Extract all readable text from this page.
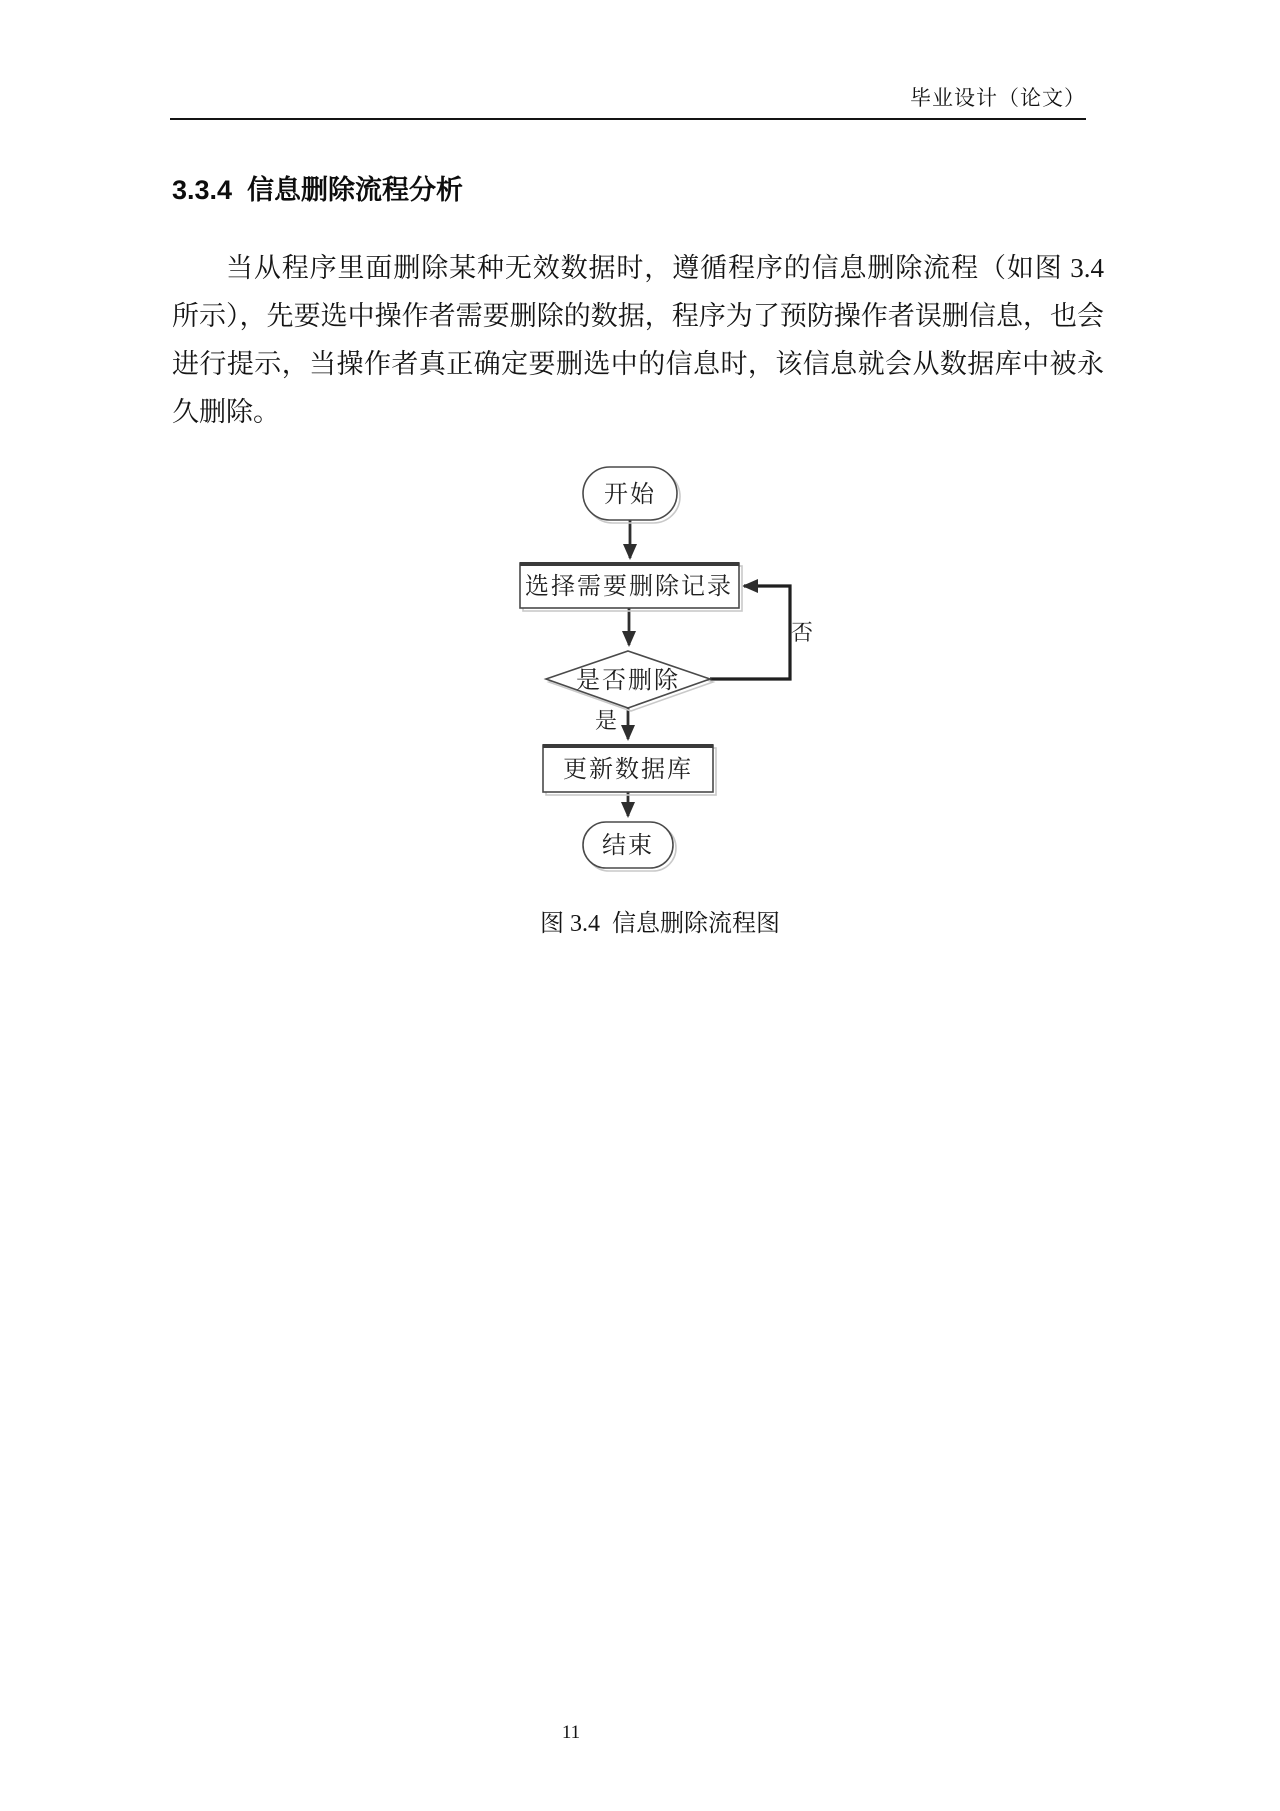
毕业设计（论文）
3.3.4  信息删除流程分析

当从程序里面删除某种无效数据时，遵循程序的信息删除流程（如图 3.4 所示），先要选中操作者需要删除的数据，程序为了预防操作者误删信息，也会进行提示，当操作者真正确定要删选中的信息时，该信息就会从数据库中被永久删除。

开始
选择需要删除记录
是否删除
是
否
更新数据库
结束
图 3.4  信息删除流程图
11
